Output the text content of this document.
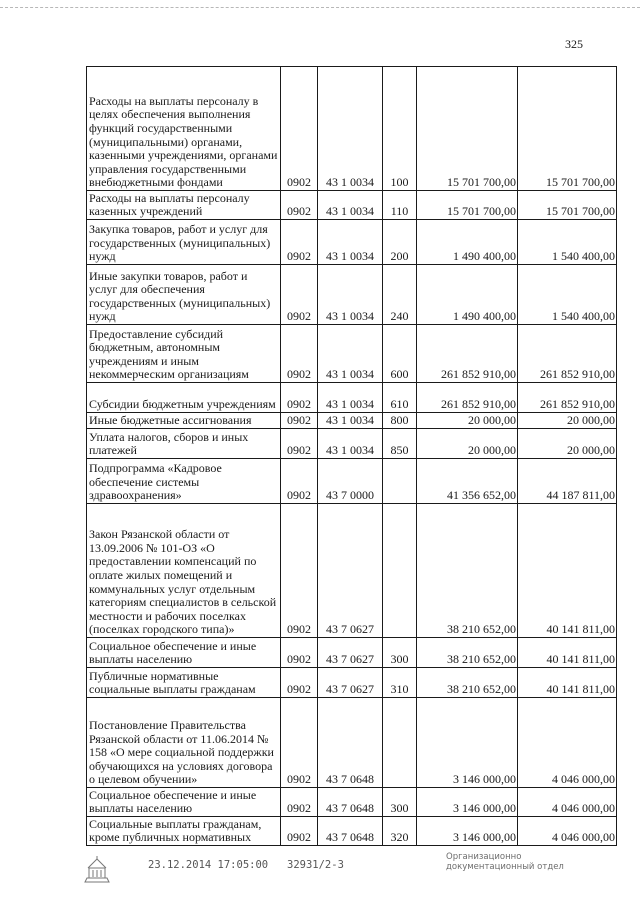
325
Расходы на выплаты персоналу в целях обеспечения выполнения функций государственными (муниципальными) органами, казенными учреждениями, органами управления государственными внебюджетными фондами	0902	43 1 0034	100	15 701 700,00	15 701 700,00
Расходы на выплаты персоналу казенных учреждений	0902	43 1 0034	110	15 701 700,00	15 701 700,00
Закупка товаров, работ и услуг для государственных (муниципальных) нужд	0902	43 1 0034	200	1 490 400,00	1 540 400,00
Иные закупки товаров, работ и услуг для обеспечения государственных (муниципальных) нужд	0902	43 1 0034	240	1 490 400,00	1 540 400,00
Предоставление субсидий бюджетным, автономным учреждениям и иным некоммерческим организациям	0902	43 1 0034	600	261 852 910,00	261 852 910,00
Субсидии бюджетным учреждениям	0902	43 1 0034	610	261 852 910,00	261 852 910,00
Иные бюджетные ассигнования	0902	43 1 0034	800	20 000,00	20 000,00
Уплата налогов, сборов и иных платежей	0902	43 1 0034	850	20 000,00	20 000,00
Подпрограмма «Кадровое обеспечение системы здравоохранения»	0902	43 7 0000		41 356 652,00	44 187 811,00
Закон Рязанской области от 13.09.2006 № 101-ОЗ «О предоставлении компенсаций по оплате жилых помещений и коммунальных услуг отдельным категориям специалистов в сельской местности и рабочих поселках (поселках городского типа)»	0902	43 7 0627		38 210 652,00	40 141 811,00
Социальное обеспечение и иные выплаты населению	0902	43 7 0627	300	38 210 652,00	40 141 811,00
Публичные нормативные социальные выплаты гражданам	0902	43 7 0627	310	38 210 652,00	40 141 811,00
Постановление Правительства Рязанской области от 11.06.2014 № 158 «О мере социальной поддержки обучающихся на условиях договора о целевом обучении»	0902	43 7 0648		3 146 000,00	4 046 000,00
Социальное обеспечение и иные выплаты населению	0902	43 7 0648	300	3 146 000,00	4 046 000,00
Социальные выплаты гражданам, кроме публичных нормативных	0902	43 7 0648	320	3 146 000,00	4 046 000,00
23.12.2014 17:05:00 32931/2-3
Организационно
документационный отдел
